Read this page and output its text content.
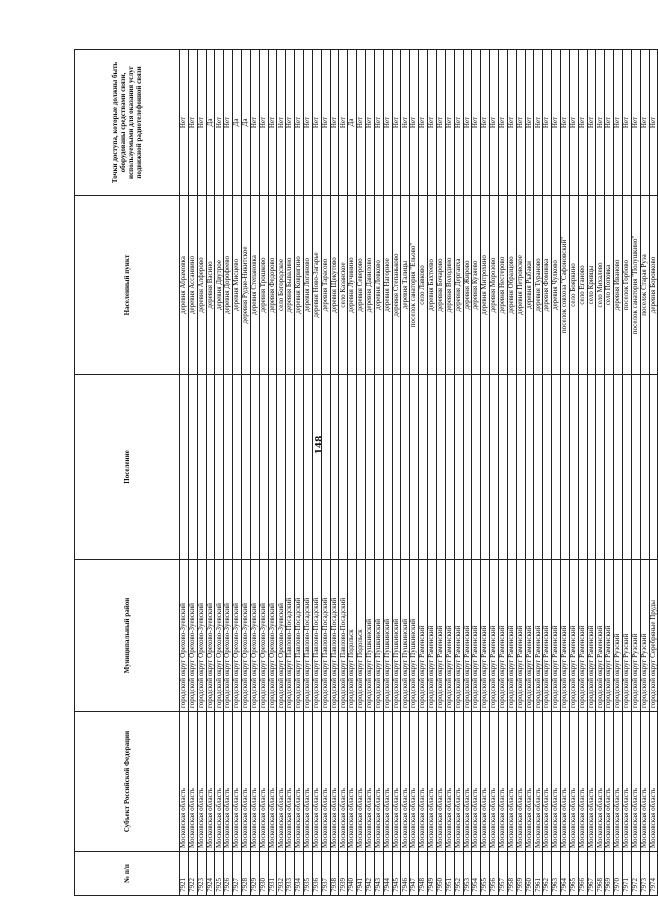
148
№ п/п	Субъект Российской Федерации	Муниципальный район	Поселение	Населенный пункт	Точки доступа, которые должны быть оборудованы средствами связи, используемыми для оказания услуг подвижной радиотелефонной связи
7921	Московская область	городской округ Орехово-Зуевский		деревня Абрамовка	Нет
7922	Московская область	городской округ Орехово-Зуевский		деревня Ассаниино	Нет
7923	Московская область	городской округ Орехово-Зуевский		деревня Алферово	Нет
7924	Московская область	городской округ Орехово-Зуевский		деревня Васино	Да
7925	Московская область	городской округ Орехово-Зуевский		деревня Двутрое	Нет
7926	Московская область	городской округ Орехово-Зуевский		деревня Дорофеево	Нет
7927	Московская область	городской округ Орехово-Зуевский		деревня Мисцево	Да
7928	Московская область	городской округ Орехово-Зуевский		деревня Рудне-Никитское	Да
7929	Московская область	городской округ Орехово-Зуевский		деревня Степановка	Нет
7930	Московская область	городской округ Орехово-Зуевский		деревня Трошково	Нет
7931	Московская область	городской округ Орехово-Зуевский		деревня Федорово	Нет
7932	Московская область	городской округ Орехово-Зуевский		село Богородское	Нет
7933	Московская область	городской округ Павлово-Посадский		деревня Бывалино	Нет
7934	Московская область	городской округ Павлово-Посадский		деревня Ковригино	Нет
7935	Московская область	городской округ Павлово-Посадский		деревня Логиново	Нет
7936	Московская область	городской округ Павлово-Посадский		деревня Ново-Загарье	Нет
7937	Московская область	городской округ Павлово-Посадский		деревня Тарасово	Нет
7938	Московская область	городской округ Павлово-Посадский		деревня Щекутово	Нет
7939	Московская область	городской округ Павлово-Посадский		село Казанское	Нет
7940	Московская область	городской округ Подольск		деревня Лучинино	Да
7941	Московская область	городской округ Подольск		деревня Северово	Нет
7942	Московская область	городской округ Пушкинский		деревня Данилово	Нет
7943	Московская область	городской округ Пушкинский		деревня Левково	Нет
7944	Московская область	городской округ Пушкинский		деревня Нагорное	Нет
7945	Московская область	городской округ Пушкинский		деревня Степаньково	Нет
7946	Московская область	городской округ Пушкинский		деревня Талицы	Нет
7947	Московская область	городской округ Пушкинский		поселок санатория "Ельово"	Нет
7948	Московская область	городской округ Раменский		село Лавково	Нет
7949	Московская область	городской округ Раменский		деревня Бахтеево	Нет
7950	Московская область	городской округ Раменский		деревня Бочарово	Нет
7951	Московская область	городской округ Раменский		деревня Володино	Нет
7952	Московская область	городской округ Раменский		деревня Дергаиха	Нет
7953	Московская область	городской округ Раменский		деревня Жирово	Нет
7954	Московская область	городской округ Раменский		деревня Кузяево	Нет
7955	Московская область	городской округ Раменский		деревня Митрохино	Нет
7956	Московская область	городской округ Раменский		деревня Морозово	Нет
7957	Московская область	городской округ Раменский		деревня Нестерово	Нет
7958	Московская область	городской округ Раменский		деревня Образцово	Нет
7959	Московская область	городской округ Раменский		деревня Петровское	Нет
7960	Московская область	городской округ Раменский		деревня Рыбаки	Нет
7961	Московская область	городской округ Раменский		деревня Тураново	Нет
7962	Московская область	городской округ Раменский		деревня Фоминка	Нет
7963	Московская область	городской округ Раменский		деревня Чулково	Нет
7964	Московская область	городской округ Раменский		поселок совхоза "Сафоновский"	Нет
7965	Московская область	городской округ Раменский		село Бояркино	Нет
7966	Московская область	городской округ Раменский		село Еганово	Нет
7967	Московская область	городской округ Раменский		село Кривцы	Нет
7968	Московская область	городской округ Раменский		село Михалево	Нет
7969	Московская область	городской округ Раменский		село Поповка	Нет
7970	Московская область	городской округ Рузский		деревня Иваново	Нет
7971	Московская область	городской округ Рузский		поселок Горбово	Нет
7972	Московская область	городской округ Рузский		поселок санатория "Полушкино"	Нет
7973	Московская область	городской округ Рузский		поселок Старая Руза	Нет
7974	Московская область	городской округ Серебряные Пруды		деревня Боровково	Нет
